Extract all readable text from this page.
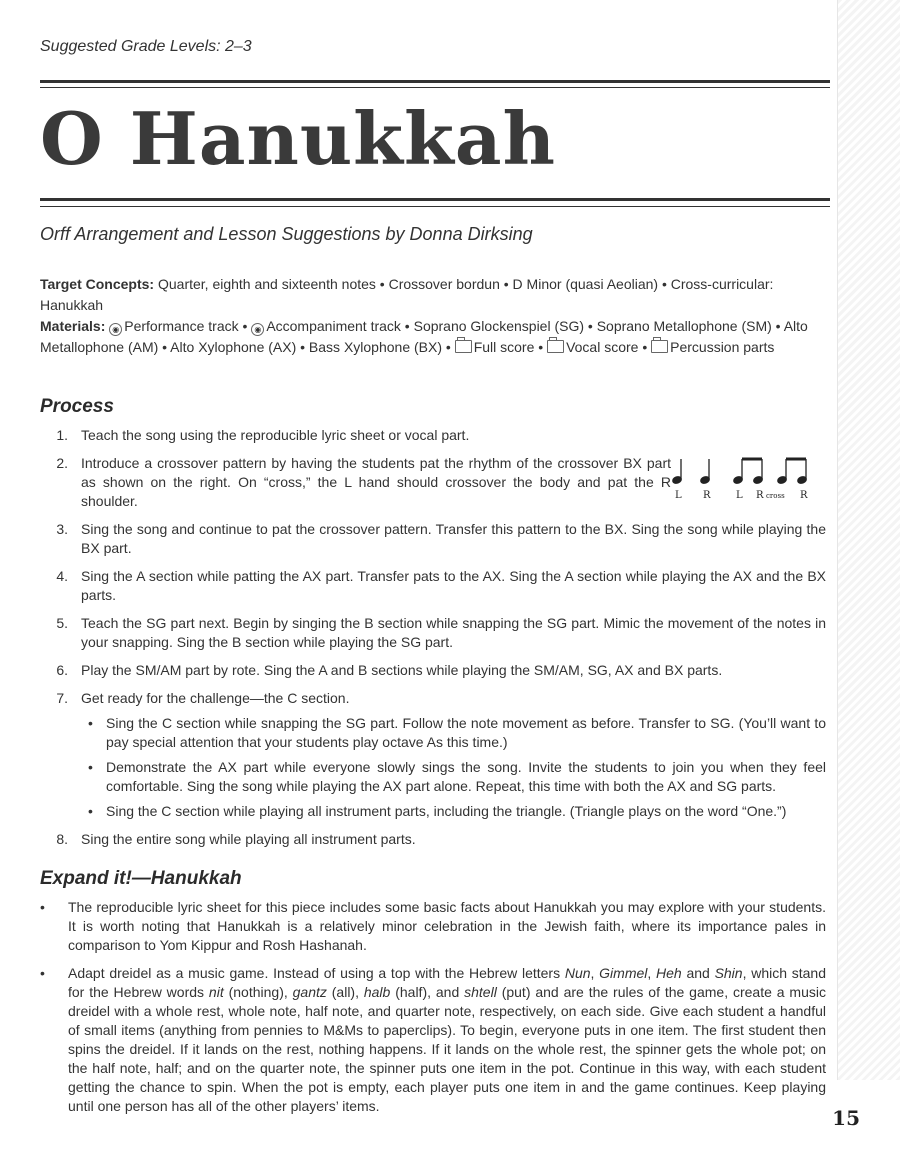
Suggested Grade Levels: 2–3
O Hanukkah
Orff Arrangement and Lesson Suggestions by Donna Dirksing
Target Concepts: Quarter, eighth and sixteenth notes • Crossover bordun • D Minor (quasi Aeolian) • Cross-curricular: Hanukkah
Materials: ◉ Performance track • ◉ Accompaniment track • Soprano Glockenspiel (SG) • Soprano Metallophone (SM) • Alto Metallophone (AM) • Alto Xylophone (AX) • Bass Xylophone (BX) • Full score • Vocal score • Percussion parts
Process
1. Teach the song using the reproducible lyric sheet or vocal part.
2. Introduce a crossover pattern by having the students pat the rhythm of the crossover BX part as shown on the right. On “cross,” the L hand should crossover the body and pat the R shoulder.
3. Sing the song and continue to pat the crossover pattern. Transfer this pattern to the BX. Sing the song while playing the BX part.
4. Sing the A section while patting the AX part. Transfer pats to the AX. Sing the A section while playing the AX and the BX parts.
5. Teach the SG part next. Begin by singing the B section while snapping the SG part. Mimic the movement of the notes in your snapping. Sing the B section while playing the SG part.
6. Play the SM/AM part by rote. Sing the A and B sections while playing the SM/AM, SG, AX and BX parts.
7. Get ready for the challenge—the C section.
• Sing the C section while snapping the SG part. Follow the note movement as before. Transfer to SG. (You’ll want to pay special attention that your students play octave As this time.)
• Demonstrate the AX part while everyone slowly sings the song. Invite the students to join you when they feel comfortable. Sing the song while playing the AX part alone. Repeat, this time with both the AX and SG parts.
• Sing the C section while playing all instrument parts, including the triangle. (Triangle plays on the word “One.”)
8. Sing the entire song while playing all instrument parts.
L R	L R cross R
Expand it!—Hanukkah
•	The reproducible lyric sheet for this piece includes some basic facts about Hanukkah you may explore with your students. It is worth noting that Hanukkah is a relatively minor celebration in the Jewish faith, where its importance pales in comparison to Yom Kippur and Rosh Hashanah.
•	Adapt dreidel as a music game. Instead of using a top with the Hebrew letters Nun, Gimmel, Heh and Shin, which stand for the Hebrew words nit (nothing), gantz (all), halb (half), and shtell (put) and are the rules of the game, create a music dreidel with a whole rest, whole note, half note, and quarter note, respectively, on each side. Give each student a handful of small items (anything from pennies to M&Ms to paperclips). To begin, everyone puts in one item. The first student then spins the dreidel. If it lands on the rest, nothing happens. If it lands on the whole rest, the spinner gets the whole pot; on the half note, half; and on the quarter note, the spinner puts one item in the pot. Continue in this way, with each student getting the chance to spin. When the pot is empty, each player puts one item in and the game continues. Keep playing until one person has all of the other players’ items.	15
